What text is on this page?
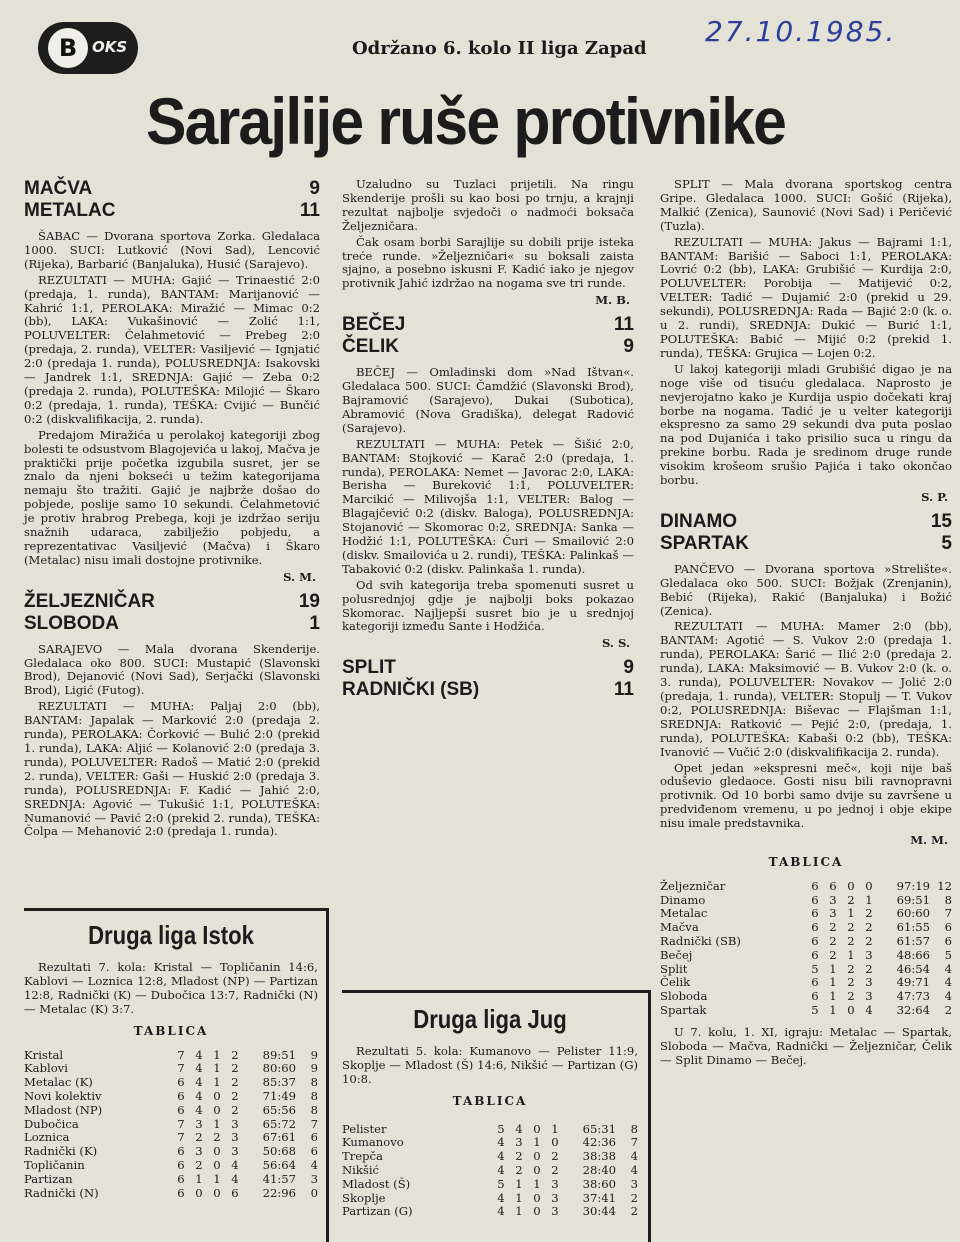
B OKS	Održano 6. kolo II liga Zapad
27.10.1985.
Sarajlije ruše protivnike
MAČVA	9
METALAC	11

ŠABAC — Dvorana sportova Zorka. Gledalaca 1000. SUCI: Lutković (Novi Sad), Lencović (Rijeka), Barbarić (Banjaluka), Husić (Sarajevo).

REZULTATI — MUHA: Gajić — Trinaestić 2:0 (predaja, 1. runda), BANTAM: Marijanović — Kahrić 1:1, PEROLAKA: Miražić — Mimac 0:2 (bb), LAKA: Vukašinović — Zolić 1:1, POLUVELTER: Čelahmetović — Prebeg 2:0 (predaja, 2. runda), VELTER: Vasiljević — Ignjatić 2:0 (predaja 1. runda), POLUSREDNJA: Isakovski — Jandrek 1:1, SREDNJA: Gajić — Zeba 0:2 (predaja 2. runda), POLUTEŠKA: Milojić — Škaro 0:2 (predaja, 1. runda), TEŠKA: Cvijić — Bunčić 0:2 (diskvalifikacija, 2. runda).

Predajom Miražića u perolakoj kategoriji zbog bolesti te odsustvom Blagojevića u lakoj, Mačva je praktički prije početka izgubila susret, jer se znalo da njeni bokseći u težim kategorijama nemaju što tražiti. Gajić je najbrže došao do pobjede, poslije samo 10 sekundi. Čelahmetović je protiv hrabrog Prebega, koji je izdržao seriju snažnih udaraca, zabilježio pobjedu, a reprezentativac Vasiljević (Mačva) i Škaro (Metalac) nisu imali dostojne protivnike.

S. M.
ŽELJEZNIČAR	19
SLOBODA	1

SARAJEVO — Mala dvorana Skenderije. Gledalaca oko 800. SUCI: Mustapić (Slavonski Brod), Dejanović (Novi Sad), Serjački (Slavonski Brod), Ligić (Futog).

REZULTATI — MUHA: Paljaj 2:0 (bb), BANTAM: Japalak — Marković 2:0 (predaja 2. runda), PEROLAKA: Čorković — Bulić 2:0 (prekid 1. runda), LAKA: Aljić — Kolanović 2:0 (predaja 3. runda), POLUVELTER: Radoš — Matić 2:0 (prekid 2. runda), VELTER: Gaši — Huskić 2:0 (predaja 3. runda), POLUSREDNJA: F. Kadić — Jahić 2:0, SREDNJA: Agović — Tukušić 1:1, POLUTEŠKA: Numanović — Pavić 2:0 (prekid 2. runda), TEŠKA: Čolpa — Mehanović 2:0 (predaja 1. runda).

Uzaludno su Tuzlaci prijetili. Na ringu Skenderije prošli su kao bosi po trnju, a krajnji rezultat najbolje svjedoči o nadmoći boksača Željezničara.

Čak osam borbi Sarajlije su dobili prije isteka treće runde. »Željezničari« su boksali zaista sjajno, a posebno iskusni F. Kadić iako je njegov protivnik Jahić izdržao na nogama sve tri runde.

M. B.
BEČEJ	11
ČELIK	9

BEČEJ — Omladinski dom »Nad Ištvan«. Gledalaca 500. SUCI: Čamdžić (Slavonski Brod), Bajramović (Sarajevo), Dukai (Subotica), Abramović (Nova Gradiška), delegat Radović (Sarajevo).

REZULTATI — MUHA: Petek — Šišić 2:0, BANTAM: Stojković — Karač 2:0 (predaja, 1. runda), PEROLAKA: Nemet — Javorac 2:0, LAKA: Berisha — Bureković 1:1, POLUVELTER: Marcikić — Milivojša 1:1, VELTER: Balog — Blagajčević 0:2 (diskv. Baloga), POLUSREDNJA: Stojanović — Skomorac 0:2, SREDNJA: Sanka — Hodžić 1:1, POLUTEŠKA: Čuri — Smailović 2:0 (diskv. Smailovića u 2. rundi), TEŠKA: Palinkaš — Tabaković 0:2 (diskv. Palinkaša 1. runda).

Od svih kategorija treba spomenuti susret u polusrednjoj gdje je najbolji boks pokazao Skomorac. Najljepši susret bio je u srednjoj kategoriji između Sante i Hodžića.

S. S.
SPLIT	9
RADNIČKI (SB)	11

SPLIT — Mala dvorana sportskog centra Gripe. Gledalaca 1000. SUCI: Gošić (Rijeka), Malkić (Zenica), Saunović (Novi Sad) i Peričević (Tuzla).

REZULTATI — MUHA: Jakus — Bajrami 1:1, BANTAM: Barišić — Saboci 1:1, PEROLAKA: Lovrić 0:2 (bb), LAKA: Grubišić — Kurdija 2:0, POLUVELTER: Porobija — Matijević 0:2, VELTER: Tadić — Dujamić 2:0 (prekid u 29. sekundi), POLUSREDNJA: Rada — Bajić 2:0 (k. o. u 2. rundi), SREDNJA: Dukić — Burić 1:1, POLUTEŠKA: Babić — Mijić 0:2 (prekid 1. runda), TEŠKA: Grujica — Lojen 0:2.

U lakoj kategoriji mladi Grubišić digao je na noge više od tisuću gledalaca. Naprosto je nevjerojatno kako je Kurdija uspio dočekati kraj borbe na nogama. Tadić je u velter kategoriji ekspresno za samo 29 sekundi dva puta poslao na pod Dujanića i tako prisilio suca u ringu da prekine borbu. Rada je sredinom druge runde visokim krošeom srušio Pajića i tako okončao borbu.

S. P.
DINAMO	15
SPARTAK	5

PANČEVO — Dvorana sportova »Strelište«. Gledalaca oko 500. SUCI: Božjak (Zrenjanin), Bebić (Rijeka), Rakić (Banjaluka) i Božić (Zenica).

REZULTATI — MUHA: Mamer 2:0 (bb), BANTAM: Agotić — S. Vukov 2:0 (predaja 1. runda), PEROLAKA: Šarić — Ilić 2:0 (predaja 2. runda), LAKA: Maksimović — B. Vukov 2:0 (k. o. 3. runda), POLUVELTER: Novakov — Jolić 2:0 (predaja, 1. runda), VELTER: Stopulj — T. Vukov 0:2, POLUSREDNJA: Biševac — Flajšman 1:1, SREDNJA: Ratković — Pejić 2:0, (predaja, 1. runda), POLUTEŠKA: Kabaši 0:2 (bb), TEŠKA: Ivanović — Vučić 2:0 (diskvalifikacija 2. runda).

Opet jedan »ekspresni meč«, koji nije baš oduševio gledaoce. Gosti nisu bili ravnopravni protivnik. Od 10 borbi samo dvije su završene u predviđenom vremenu, u po jednoj i obje ekipe nisu imale predstavnika.

M. M.
TABLICA
Željezničar	6	6	0	0	97:19	12
Dinamo	6	3	2	1	69:51	8
Metalac	6	3	1	2	60:60	7
Mačva	6	2	2	2	61:55	6
Radnički (SB)	6	2	2	2	61:57	6
Bečej	6	2	1	3	48:66	5
Split	5	1	2	2	46:54	4
Čelik	6	1	2	3	49:71	4
Sloboda	6	1	2	3	47:73	4
Spartak	5	1	0	4	32:64	2

U 7. kolu, 1. XI, igraju: Metalac — Spartak, Sloboda — Mačva, Radnički — Željezničar, Čelik — Split Dinamo — Bečej.

Druga liga Istok

Rezultati 7. kola: Kristal — Topličanin 14:6, Kablovi — Loznica 12:8, Mladost (NP) — Partizan 12:8, Radnički (K) — Dubočica 13:7, Radnički (N) — Metalac (K) 3:7.

TABLICA
Kristal	7	4	1	2	89:51	9
Kablovi	7	4	1	2	80:60	9
Metalac (K)	6	4	1	2	85:37	8
Novi kolektiv	6	4	0	2	71:49	8
Mladost (NP)	6	4	0	2	65:56	8
Dubočica	7	3	1	3	65:72	7
Loznica	7	2	2	3	67:61	6
Radnički (K)	6	3	0	3	50:68	6
Topličanin	6	2	0	4	56:64	4
Partizan	6	1	1	4	41:57	3
Radnički (N)	6	0	0	6	22:96	0
Druga liga Jug

Rezultati 5. kola: Kumanovo — Pelister 11:9, Skoplje — Mladost (Š) 14:6, Nikšić — Partizan (G) 10:8.

TABLICA
Pelister	5	4	0	1	65:31	8
Kumanovo	4	3	1	0	42:36	7
Trepča	4	2	0	2	38:38	4
Nikšić	4	2	0	2	28:40	4
Mladost (Š)	5	1	1	3	38:60	3
Skoplje	4	1	0	3	37:41	2
Partizan (G)	4	1	0	3	30:44	2
